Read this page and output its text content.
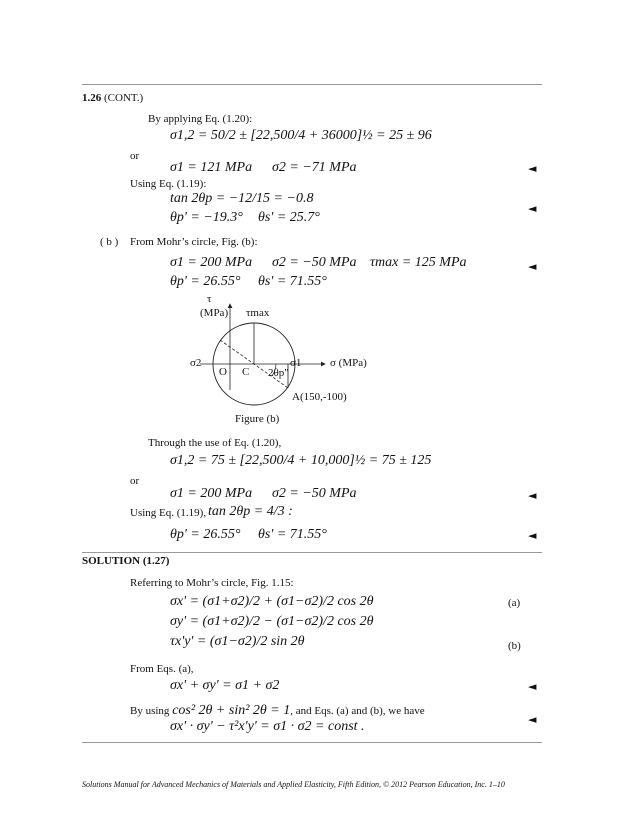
1.26 (CONT.)
By applying Eq. (1.20):
σ1,2 = 50/2 ± [22,500/4 + 36000]½ = 25 ± 96
or
σ1 = 121 MPa σ2 = −71 MPa	◄
Using Eq. (1.19):
tan 2θp = −12/15 = −0.8
◄
θp' = −19.3° θs' = 25.7°
( b ) From Mohr’s circle, Fig. (b):
σ1 = 200 MPa σ2 = −50 MPa τmax = 125 MPa	◄
θp' = 26.55° θs' = 71.55°
τ
(MPa) τmax
σ2	σ1	σ (MPa)
O C 2θp"
A(150,-100)
Figure (b)
Through the use of Eq. (1.20),
σ1,2 = 75 ± [22,500/4 + 10,000]½ = 75 ± 125
or
σ1 = 200 MPa σ2 = −50 MPa	◄
Using Eq. (1.19), tan 2θp = 4/3 :
θp' = 26.55° θs' = 71.55°	◄
SOLUTION (1.27)
Referring to Mohr’s circle, Fig. 1.15:
σx' = (σ1+σ2)/2 + (σ1−σ2)/2 cos 2θ	(a)
σy' = (σ1+σ2)/2 − (σ1−σ2)/2 cos 2θ
τx'y' = (σ1−σ2)/2 sin 2θ	(b)
From Eqs. (a),
σx' + σy' = σ1 + σ2	◄
By using cos² 2θ + sin² 2θ = 1, and Eqs. (a) and (b), we have
◄
σx' · σy' − τ²x'y' = σ1 · σ2 = const .
Solutions Manual for Advanced Mechanics of Materials and Applied Elasticity, Fifth Edition, © 2012 Pearson Education, Inc. 1–10
